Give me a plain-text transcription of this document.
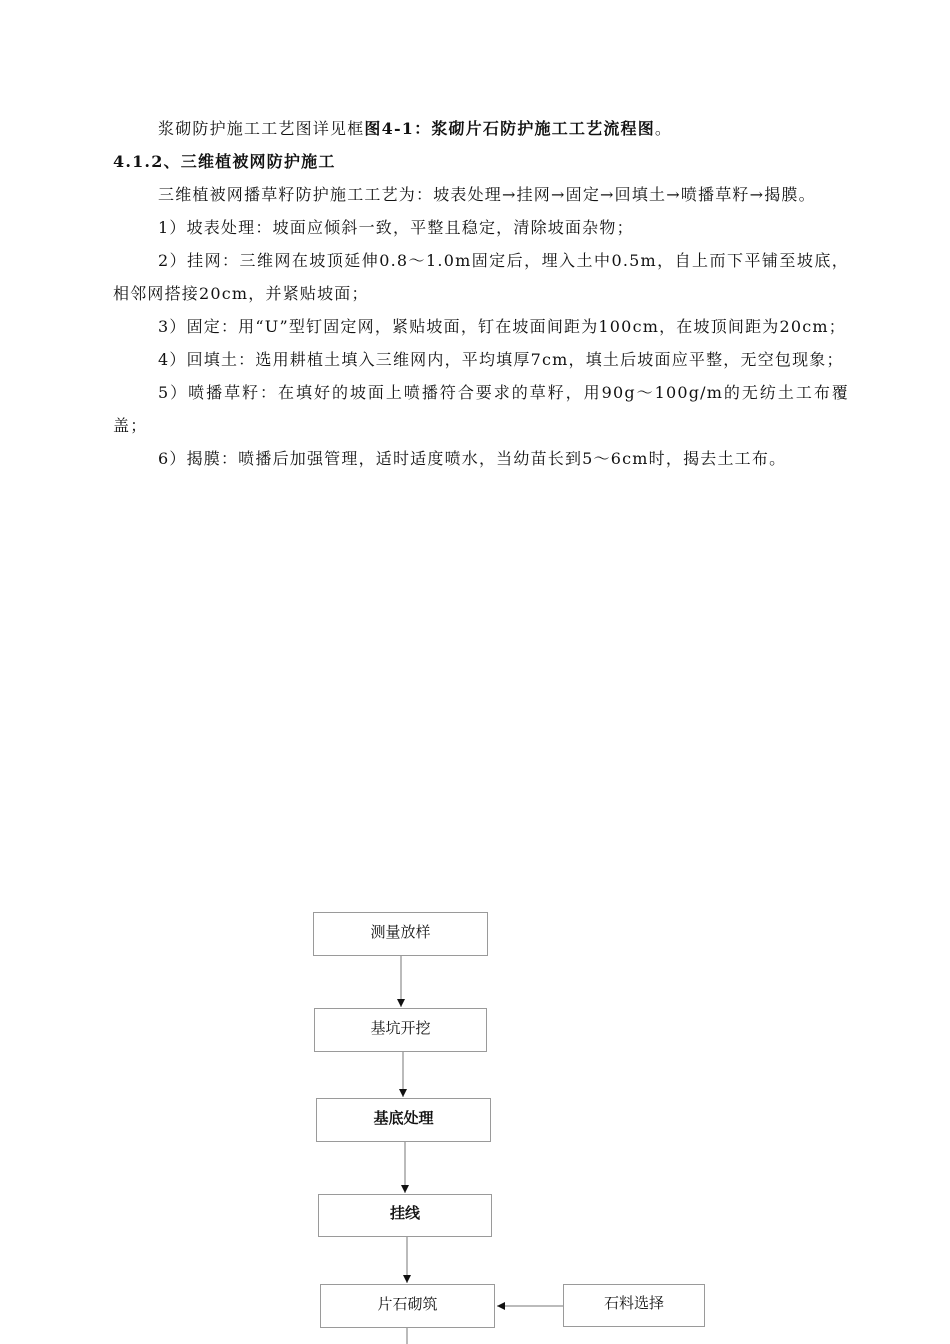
浆砌防护施工工艺图详见框图4-1：浆砌片石防护施工工艺流程图。

4.1.2、三维植被网防护施工

三维植被网播草籽防护施工工艺为：坡表处理→挂网→固定→回填土→喷播草籽→揭膜。

1）坡表处理：坡面应倾斜一致，平整且稳定，清除坡面杂物；

2）挂网：三维网在坡顶延伸0.8～1.0m固定后，埋入土中0.5m，自上而下平铺至坡底，相邻网搭接20cm，并紧贴坡面；

3）固定：用“U”型钉固定网，紧贴坡面，钉在坡面间距为100cm，在坡顶间距为20cm；

4）回填土：选用耕植土填入三维网内，平均填厚7cm，填土后坡面应平整，无空包现象；

5）喷播草籽：在填好的坡面上喷播符合要求的草籽，用90g～100g/m的无纺土工布覆盖；

6）揭膜：喷播后加强管理，适时适度喷水，当幼苗长到5～6cm时，揭去土工布。

测量放样
基坑开挖
基底处理
挂线
片石砌筑	石料选择
